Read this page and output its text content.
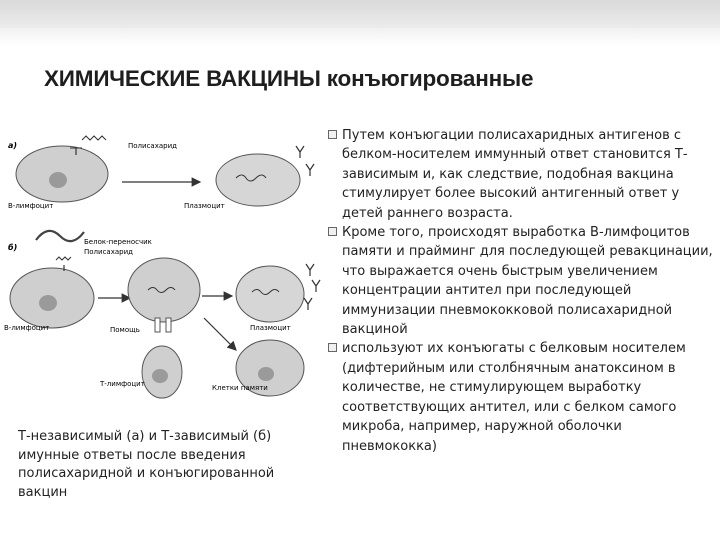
ХИМИЧЕСКИЕ ВАКЦИНЫ конъюгированные
а)	Полисахарид
В-лимфоцит	Плазмоцит
б)
Белок-переносчик
Полисахарид
В-лимфоцит	Помощь	Плазмоцит
Т-лимфоцит	Клетки памяти
Т-независимый (а) и Т-зависимый (б) имунные ответы после введения полисахаридной и конъюгированной вакцин
Путем конъюгации полисахаридных антигенов с белком-носителем иммунный ответ становится Т-зависимым и, как следствие, подобная вакцина стимулирует более высокий антигенный ответ у детей раннего возраста.
Кроме того, происходят выработка В-лимфоцитов памяти и прайминг для последующей ревакцинации, что выражается очень быстрым увеличением концентрации антител при последующей иммунизации пневмококковой полисахаридной вакциной
используют их конъюгаты с белковым носителем (дифтерийным или столбнячным анатоксином в количестве, не стимулирующем выработку соответствующих антител, или с белком самого микроба, например, наружной оболочки пневмококка)
